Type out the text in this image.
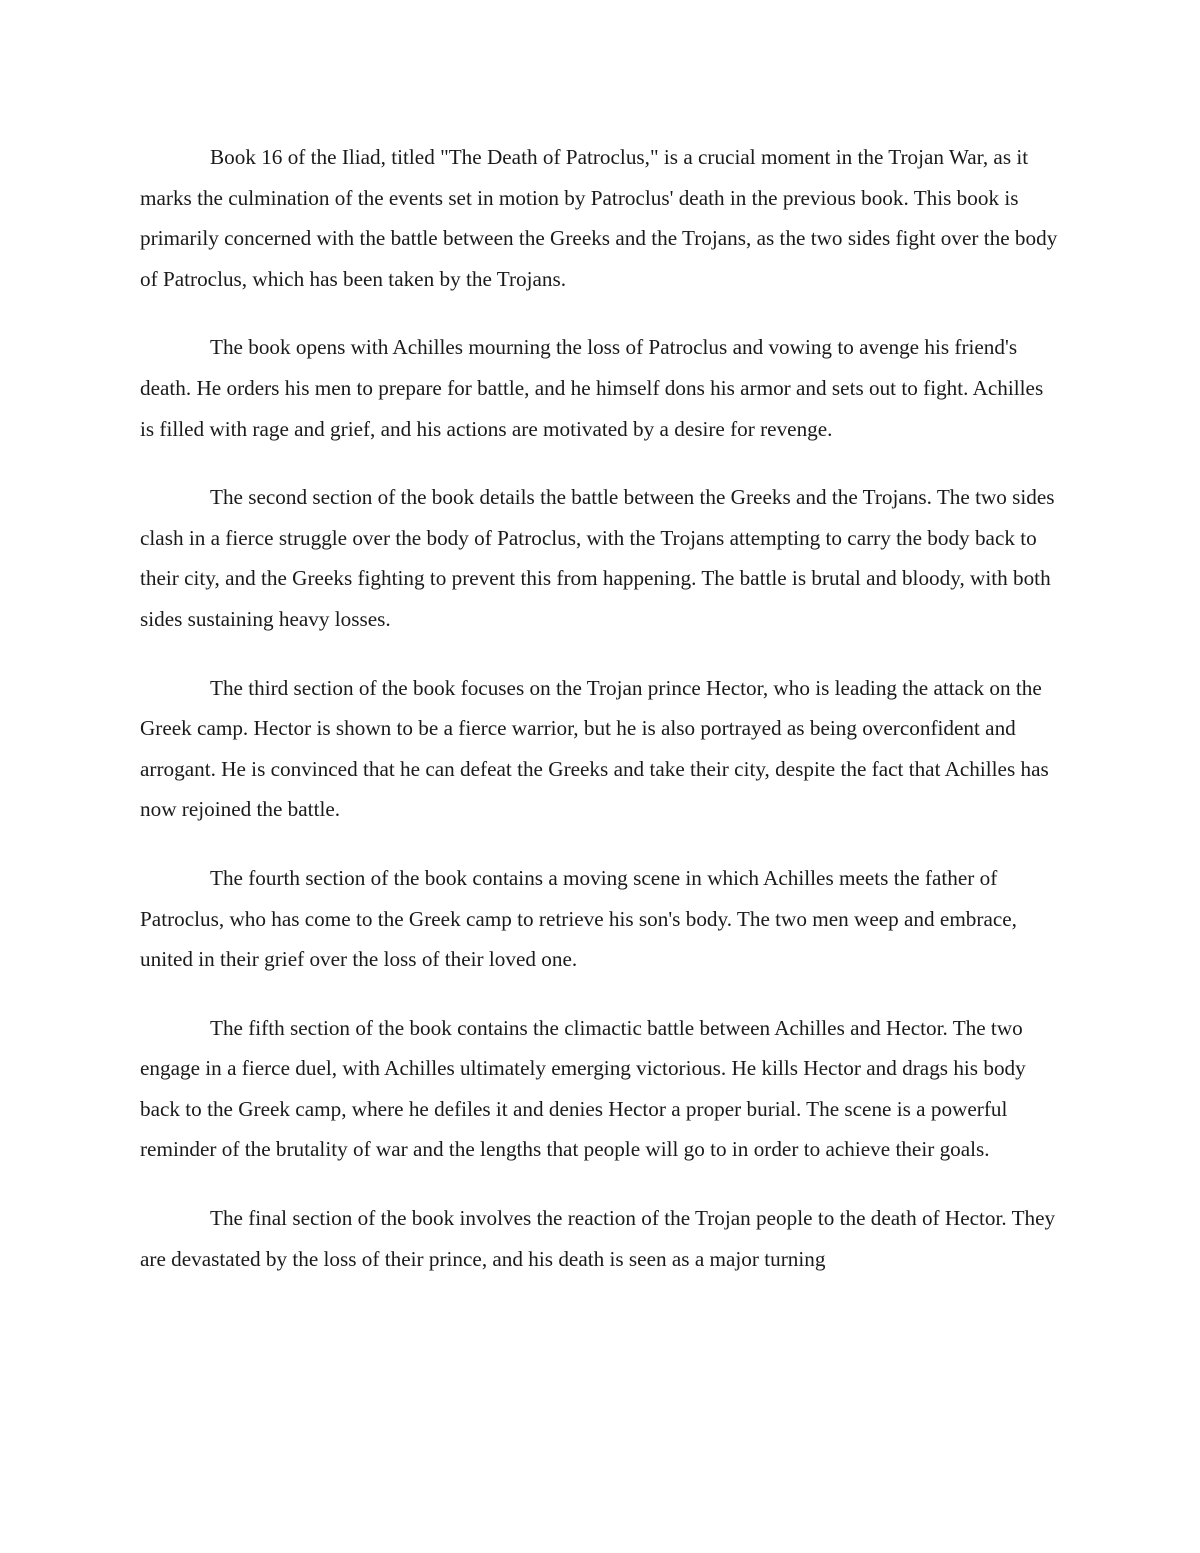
Book 16 of the Iliad, titled "The Death of Patroclus," is a crucial moment in the Trojan War, as it marks the culmination of the events set in motion by Patroclus' death in the previous book. This book is primarily concerned with the battle between the Greeks and the Trojans, as the two sides fight over the body of Patroclus, which has been taken by the Trojans.

The book opens with Achilles mourning the loss of Patroclus and vowing to avenge his friend's death. He orders his men to prepare for battle, and he himself dons his armor and sets out to fight. Achilles is filled with rage and grief, and his actions are motivated by a desire for revenge.

The second section of the book details the battle between the Greeks and the Trojans. The two sides clash in a fierce struggle over the body of Patroclus, with the Trojans attempting to carry the body back to their city, and the Greeks fighting to prevent this from happening. The battle is brutal and bloody, with both sides sustaining heavy losses.

The third section of the book focuses on the Trojan prince Hector, who is leading the attack on the Greek camp. Hector is shown to be a fierce warrior, but he is also portrayed as being overconfident and arrogant. He is convinced that he can defeat the Greeks and take their city, despite the fact that Achilles has now rejoined the battle.

The fourth section of the book contains a moving scene in which Achilles meets the father of Patroclus, who has come to the Greek camp to retrieve his son's body. The two men weep and embrace, united in their grief over the loss of their loved one.

The fifth section of the book contains the climactic battle between Achilles and Hector. The two engage in a fierce duel, with Achilles ultimately emerging victorious. He kills Hector and drags his body back to the Greek camp, where he defiles it and denies Hector a proper burial. The scene is a powerful reminder of the brutality of war and the lengths that people will go to in order to achieve their goals.

The final section of the book involves the reaction of the Trojan people to the death of Hector. They are devastated by the loss of their prince, and his death is seen as a major turning
